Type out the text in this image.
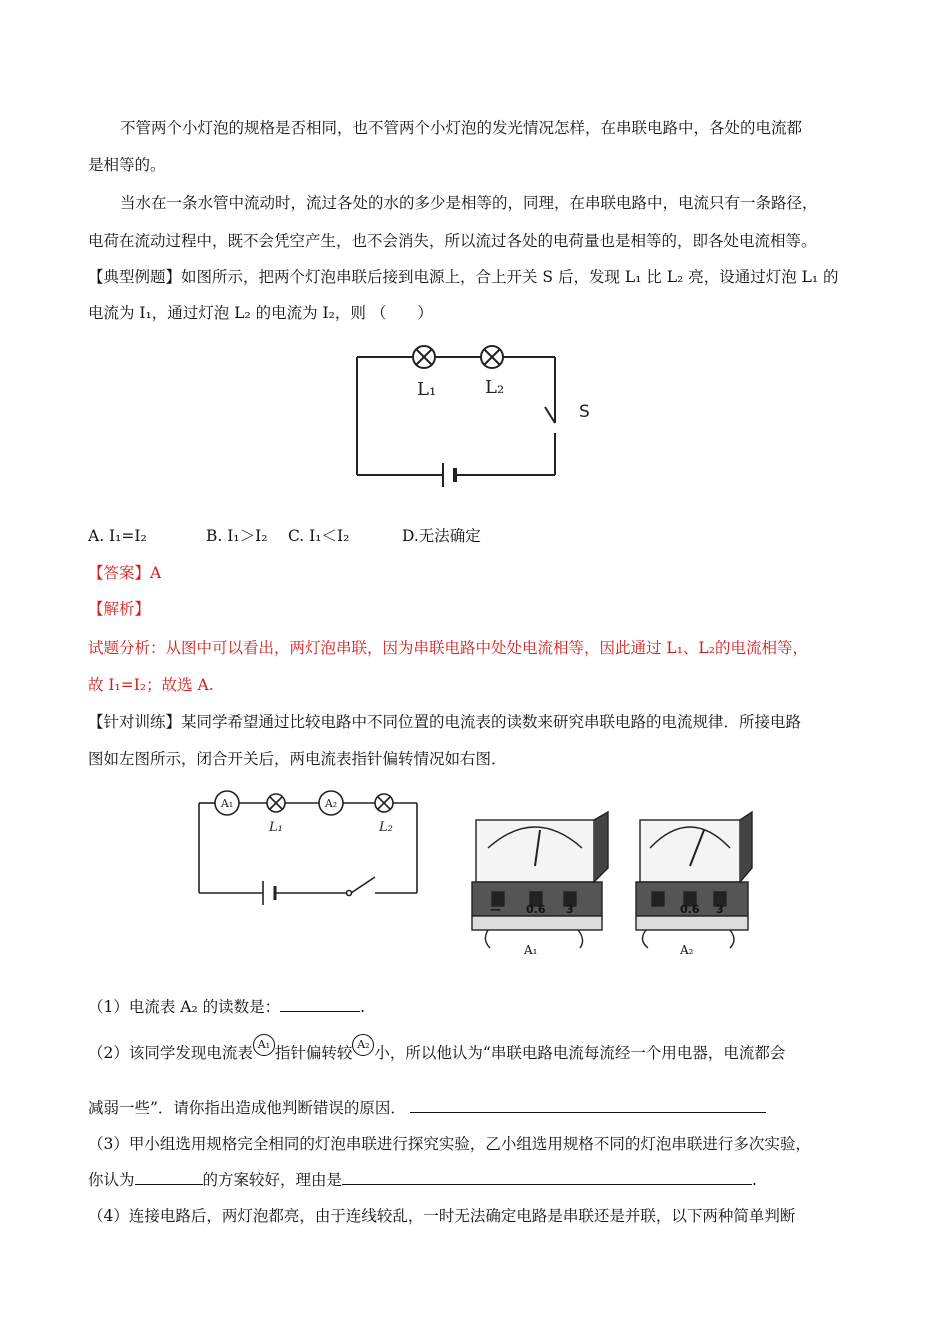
不管两个小灯泡的规格是否相同，也不管两个小灯泡的发光情况怎样，在串联电路中，各处的电流都
是相等的。
当水在一条水管中流动时，流过各处的水的多少是相等的，同理，在串联电路中，电流只有一条路径，
电荷在流动过程中，既不会凭空产生，也不会消失，所以流过各处的电荷量也是相等的，即各处电流相等。
【典型例题】如图所示，把两个灯泡串联后接到电源上，合上开关 S 后，发现 L₁ 比 L₂ 亮，设通过灯泡 L₁ 的
电流为 I₁，通过灯泡 L₂ 的电流为 I₂，则 （　　）
L₁	L₂
S
A. I₁=I₂	B. I₁＞I₂ C. I₁＜I₂	D.无法确定
【答案】A
【解析】
试题分析：从图中可以看出，两灯泡串联，因为串联电路中处处电流相等，因此通过 L₁、L₂的电流相等，
故 I₁=I₂；故选 A.
【针对训练】某同学希望通过比较电路中不同位置的电流表的读数来研究串联电路的电流规律．所接电路
图如左图所示，闭合开关后，两电流表指针偏转情况如右图．
A₁	A₂
L₁	L₂
— 0.6 3	0.6 3
A₁	A₂
（1）电流表 A₂ 的读数是：	.
（2）该同学发现电流表 A₁ 指针偏转较 A₂ 小，所以他认为“串联电路电流每流经一个用电器，电流都会
减弱一些”．请你指出造成他判断错误的原因．
（3）甲小组选用规格完全相同的灯泡串联进行探究实验，乙小组选用规格不同的灯泡串联进行多次实验，
你认为	的方案较好，理由是	.
（4）连接电路后，两灯泡都亮，由于连线较乱，一时无法确定电路是串联还是并联，以下两种简单判断
